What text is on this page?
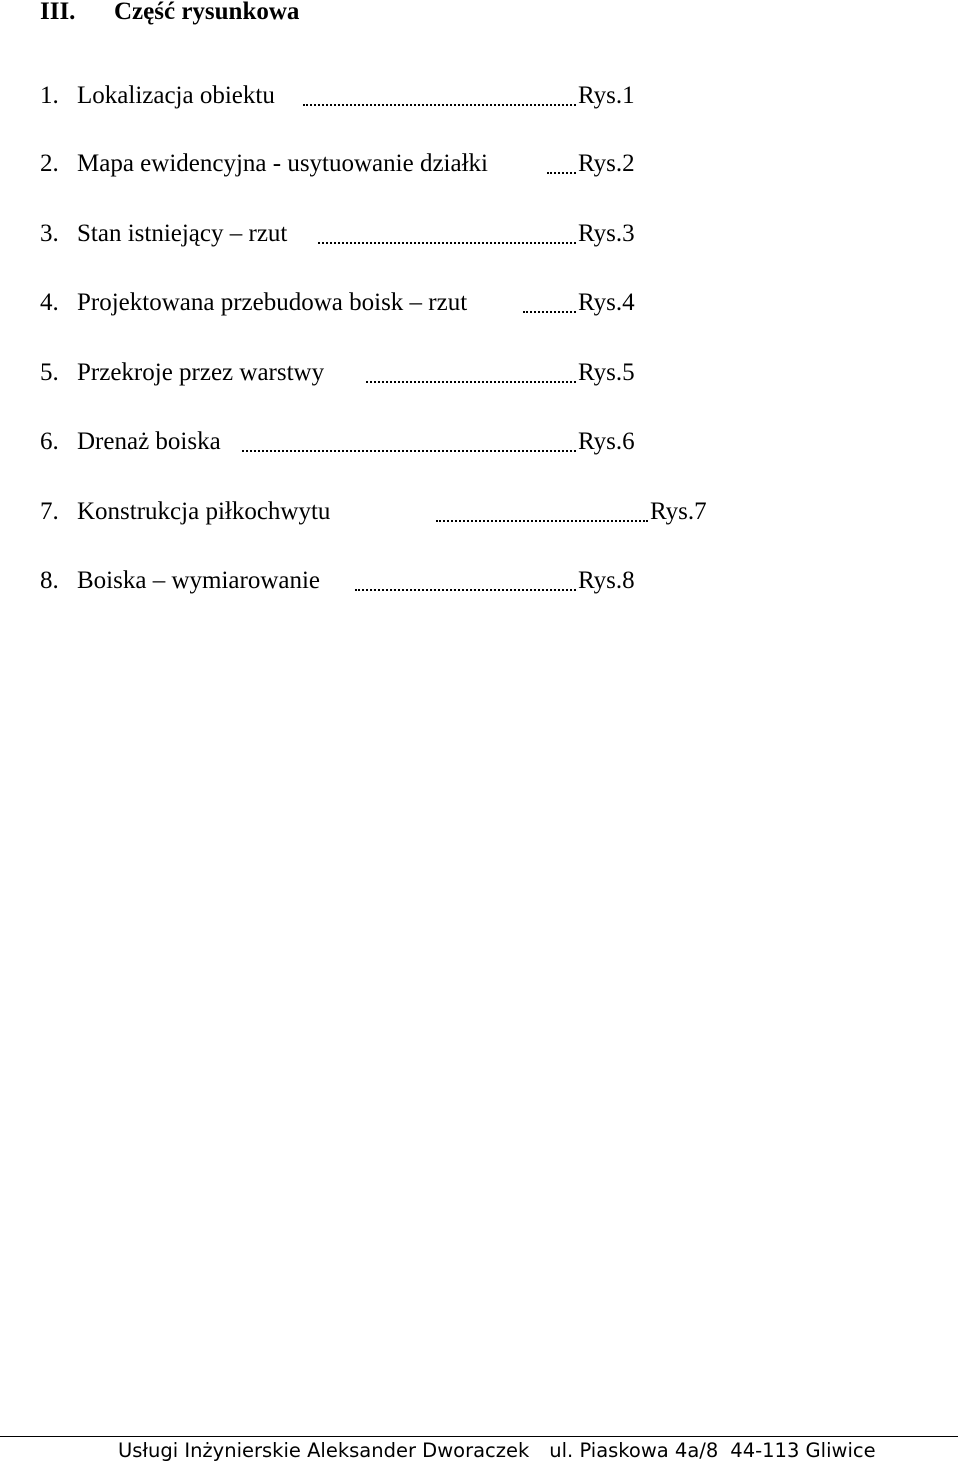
III. Część rysunkowa
1. Lokalizacja obiektu	Rys.1
2. Mapa ewidencyjna - usytuowanie działki	Rys.2
3. Stan istniejący – rzut	Rys.3
4. Projektowana przebudowa boisk – rzut	Rys.4
5. Przekroje przez warstwy	Rys.5
6. Drenaż boiska	Rys.6
7. Konstrukcja piłkochwytu	Rys.7
8. Boiska – wymiarowanie	Rys.8
Usługi Inżynierskie Aleksander Dworaczek ul. Piaskowa 4a/8 44-113 Gliwice
